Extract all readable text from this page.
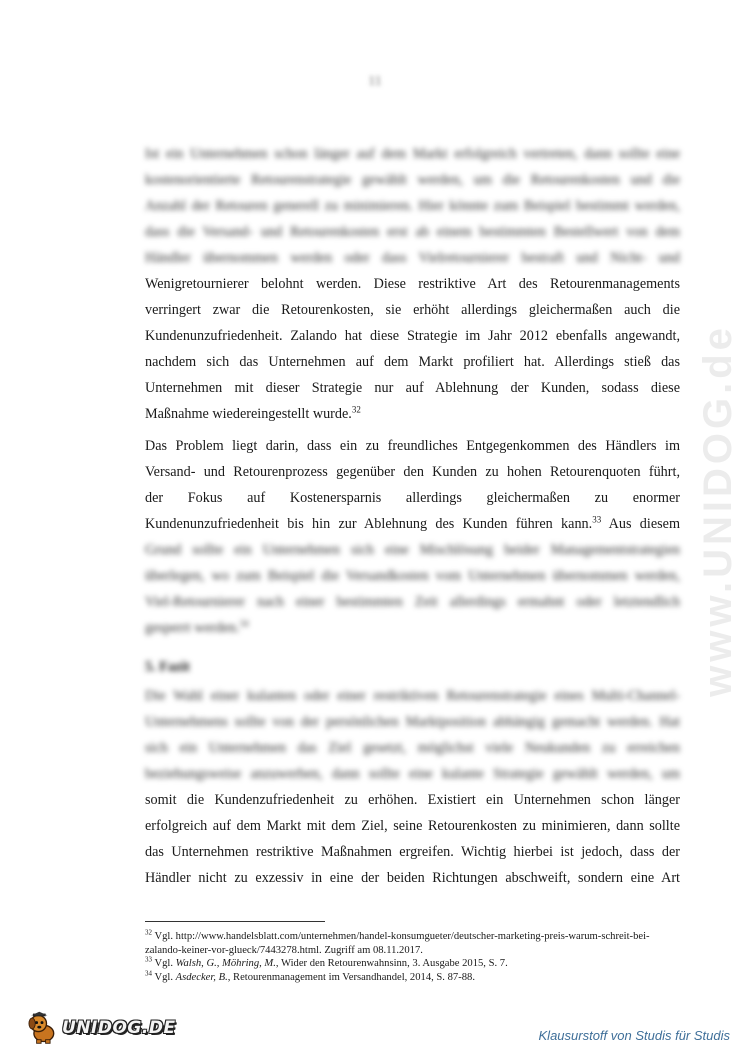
11
www.UNIDOG.de
Ist ein Unternehmen schon länger auf dem Markt erfolgreich vertreten, dann sollte eine
kostenorientierte Retourenstrategie gewählt werden, um die Retourenkosten und die
Anzahl der Retouren generell zu minimieren. Hier könnte zum Beispiel bestimmt werden,
dass die Versand- und Retourenkosten erst ab einem bestimmten Bestellwert von dem
Händler übernommen werden oder dass Vielretournierer bestraft und Nicht- und
Wenigretournierer belohnt werden. Diese restriktive Art des Retourenmanagements
verringert zwar die Retourenkosten, sie erhöht allerdings gleichermaßen auch die
Kundenunzufriedenheit. Zalando hat diese Strategie im Jahr 2012 ebenfalls angewandt,
nachdem sich das Unternehmen auf dem Markt profiliert hat. Allerdings stieß das
Unternehmen mit dieser Strategie nur auf Ablehnung der Kunden, sodass diese
Maßnahme wiedereingestellt wurde.$^{32}$
Das Problem liegt darin, dass ein zu freundliches Entgegenkommen des Händlers im
Versand- und Retourenprozess gegenüber den Kunden zu hohen Retourenquoten führt,
der Fokus auf Kostenersparnis allerdings gleichermaßen zu enormer
Kundenunzufriedenheit bis hin zur Ablehnung des Kunden führen kann.$^{33}$ Aus diesem
Grund sollte ein Unternehmen sich eine Mischlösung beider Managementstrategien
überlegen, wo zum Beispiel die Versandkosten vom Unternehmen übernommen werden,
Viel-Retournierer nach einer bestimmten Zeit allerdings ermahnt oder letztendlich
gesperrt werden.$^{34}$
5. Fazit
Die Wahl einer kulanten oder einer restriktiven Retourenstrategie eines Multi-Channel-
Unternehmens sollte von der persönlichen Marktposition abhängig gemacht werden. Hat
sich ein Unternehmen das Ziel gesetzt, möglichst viele Neukunden zu erreichen
beziehungsweise anzuwerben, dann sollte eine kulante Strategie gewählt werden, um
somit die Kundenzufriedenheit zu erhöhen. Existiert ein Unternehmen schon länger
erfolgreich auf dem Markt mit dem Ziel, seine Retourenkosten zu minimieren, dann sollte
das Unternehmen restriktive Maßnahmen ergreifen. Wichtig hierbei ist jedoch, dass der
Händler nicht zu exzessiv in eine der beiden Richtungen abschweift, sondern eine Art

$^{32}$ Vgl. http://www.handelsblatt.com/unternehmen/handel-konsumgueter/deutscher-marketing-preis-warum-schreit-bei-zalando-keiner-vor-glueck/7443278.html. Zugriff am 08.11.2017.

$^{33}$ Vgl. Walsh, G., Möhring, M., Wider den Retourenwahnsinn, 3. Ausgabe 2015, S. 7.

$^{34}$ Vgl. Asdecker, B., Retourenmanagement im Versandhandel, 2014, S. 87-88.

UNIDOG.DE	Klausurstoff von Studis für Studis
